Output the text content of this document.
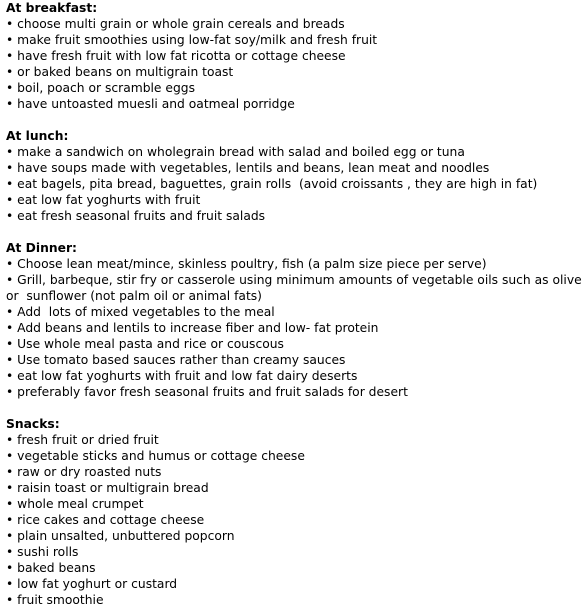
At breakfast:
• choose multi grain or whole grain cereals and breads
• make fruit smoothies using low-fat soy/milk and fresh fruit
• have fresh fruit with low fat ricotta or cottage cheese
• or baked beans on multigrain toast
• boil, poach or scramble eggs
• have untoasted muesli and oatmeal porridge
At lunch:
• make a sandwich on wholegrain bread with salad and boiled egg or tuna
• have soups made with vegetables, lentils and beans, lean meat and noodles
• eat bagels, pita bread, baguettes, grain rolls  (avoid croissants , they are high in fat)
• eat low fat yoghurts with fruit
• eat fresh seasonal fruits and fruit salads
At Dinner:
• Choose lean meat/mince, skinless poultry, fish (a palm size piece per serve)
• Grill, barbeque, stir fry or casserole using minimum amounts of vegetable oils such as olive or  sunflower (not palm oil or animal fats)
• Add  lots of mixed vegetables to the meal
• Add beans and lentils to increase fiber and low- fat protein
• Use whole meal pasta and rice or couscous
• Use tomato based sauces rather than creamy sauces
• eat low fat yoghurts with fruit and low fat dairy deserts
• preferably favor fresh seasonal fruits and fruit salads for desert
Snacks:
• fresh fruit or dried fruit
• vegetable sticks and humus or cottage cheese
• raw or dry roasted nuts
• raisin toast or multigrain bread
• whole meal crumpet
• rice cakes and cottage cheese
• plain unsalted, unbuttered popcorn
• sushi rolls
• baked beans
• low fat yoghurt or custard
• fruit smoothie
